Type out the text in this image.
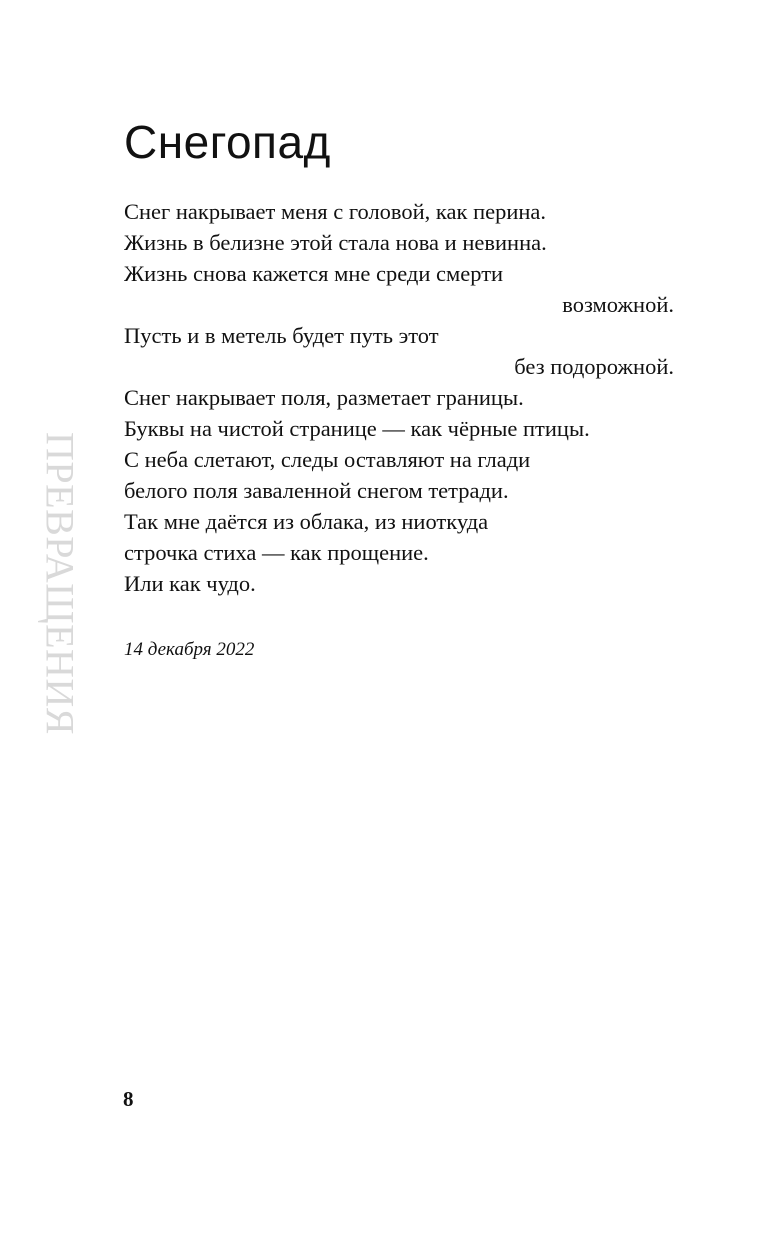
Снегопад
ПРЕВРАЩЕНИЯ
Снег накрывает меня с головой, как перина.
Жизнь в белизне этой стала нова и невинна.
Жизнь снова кажется мне среди смерти
возможной.
Пусть и в метель будет путь этот
без подорожной.
Снег накрывает поля, разметает границы.
Буквы на чистой странице — как чёрные птицы.
С неба слетают, следы оставляют на глади
белого поля заваленной снегом тетради.
Так мне даётся из облака, из ниоткуда
строчка стиха — как прощение.
Или как чудо.
14 декабря 2022
8
